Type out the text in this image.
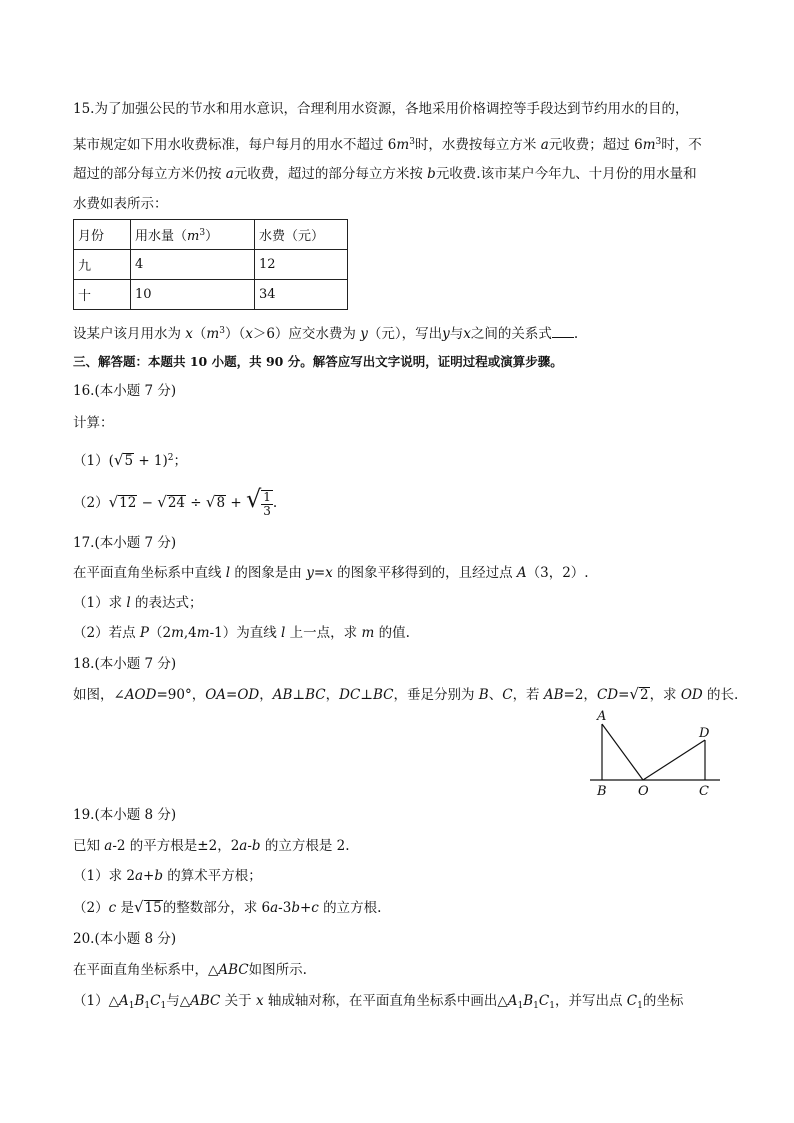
15.为了加强公民的节水和用水意识，合理利用水资源，各地采用价格调控等手段达到节约用水的目的，
某市规定如下用水收费标准，每户每月的用水不超过 $6m^3$时，水费按每立方米 a元收费；超过 $6m^3$时，不
超过的部分每立方米仍按 a元收费，超过的部分每立方米按 b元收费.该市某户今年九、十月份的用水量和
水费如表所示：
月份	用水量$(m^3)$	水费（元）
九	4	12
十	10	34
设某户该月用水为 $x(m^3)(x>6)$应交水费为 y（元），写出y与x之间的关系式 .
三、解答题：本题共 10 小题，共 90 分。解答应写出文字说明，证明过程或演算步骤。
16.(本小题 7 分)
计算：
$(1)(√5 + 1)^2$；
（2）√12 − √24 ÷ √8 + √ $\frac{1}{3}$ .
17.(本小题 7 分)
在平面直角坐标系中直线 l 的图象是由 y=x 的图象平移得到的，且经过点 A（3，2）.
（1）求 l 的表达式；
（2）若点 P（2m,4m-1）为直线 l 上一点，求 m 的值.
18.(本小题 7 分)
如图，∠AOD=90°，OA=OD，AB⊥BC，DC⊥BC，垂足分别为 B、C，若 AB=2，CD=√2，求 OD 的长.
A
B O
D
C
19.(本小题 8 分)
已知 a-2 的平方根是±2，2a-b 的立方根是 2.
（1）求 2a+b 的算术平方根；
（2）c 是√15的整数部分，求 6a-3b+c 的立方根.
20.(本小题 8 分)
在平面直角坐标系中，△ABC如图所示.
$(1)\triangle A_1B_1C_1$与△ABC 关于 x 轴成轴对称，在平面直角坐标系中画出$\triangle A_1B_1C_1$，并写出点 $C_1$的坐标
